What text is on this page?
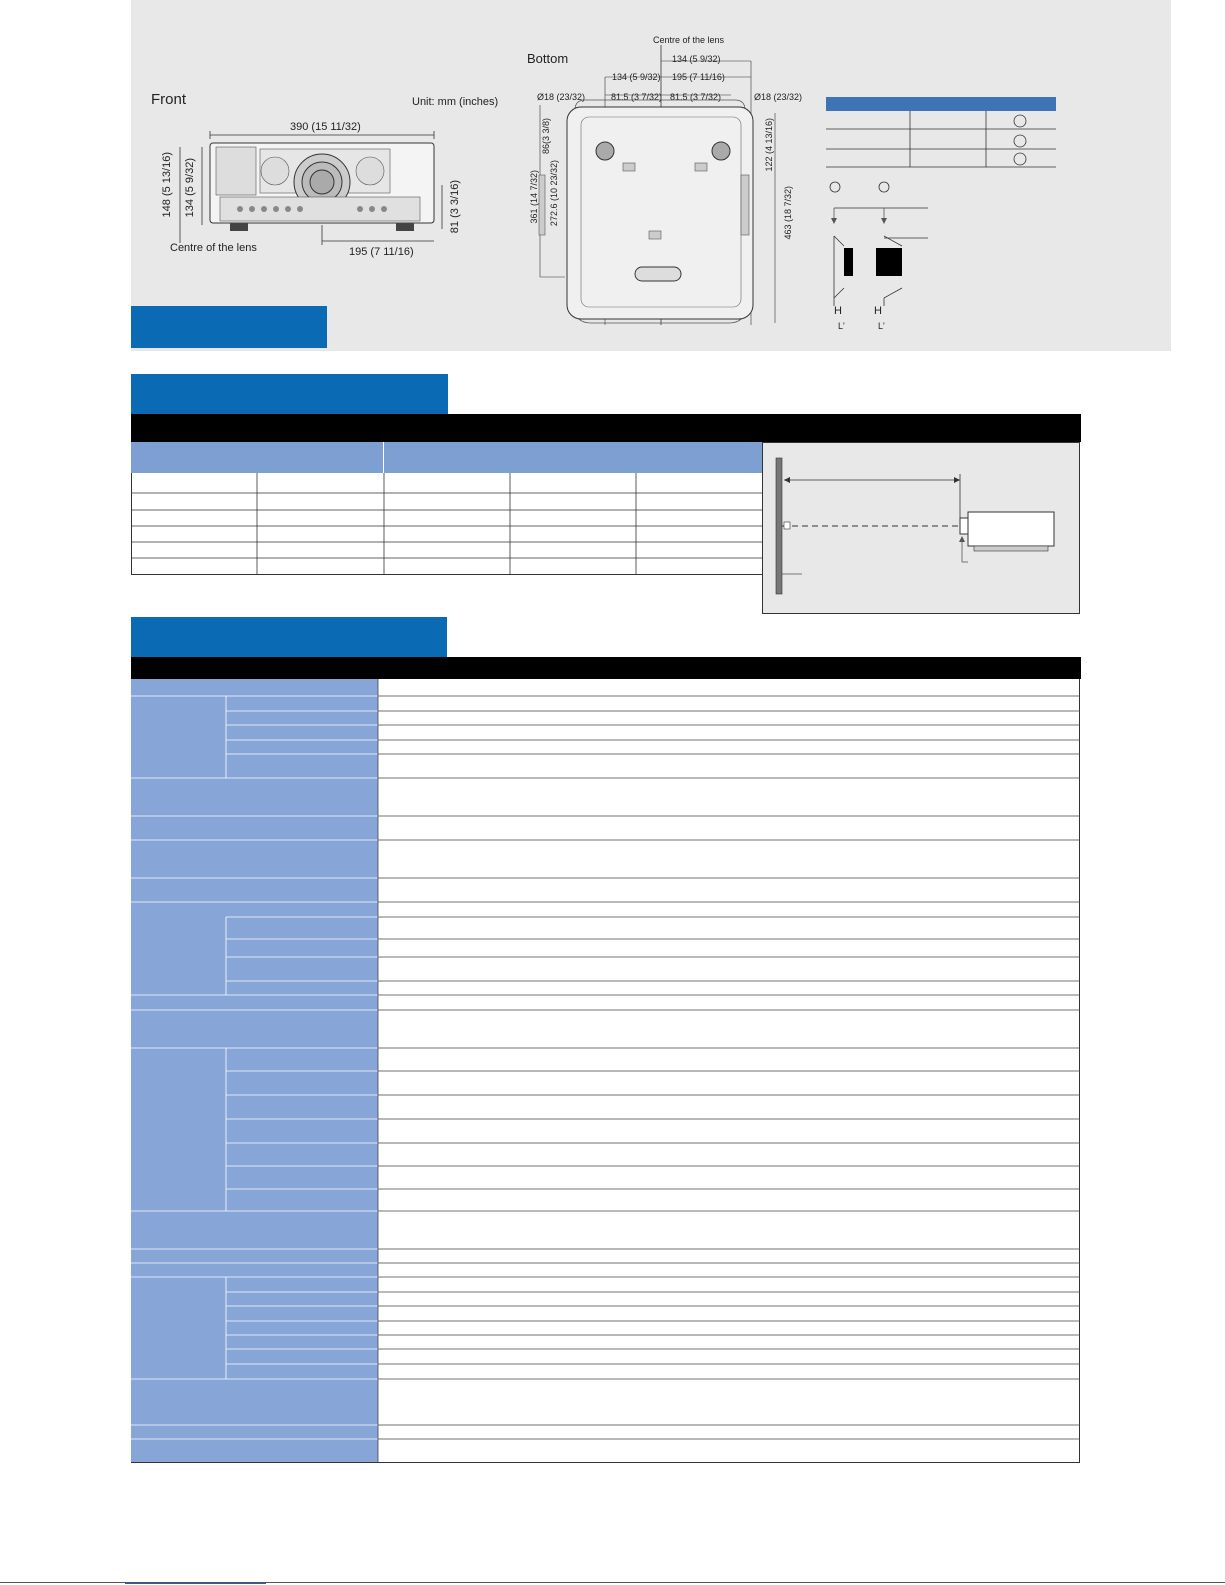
Front	Unit: mm (inches)
390 (15 11/32)
148 (5 13/16) 134 (5 9/32)	81 (3 3/16)
195 (7 11/16)
Centre of the lens
Centre of the lens
Bottom	134 (5 9/32)
134 (5 9/32) 195 (7 11/16)
Ø18 (23/32)	81.5 (3 7/32) 81.5 (3 7/32)	Ø18 (23/32)
86(3 3/8)
361 (14 7/32) 272.6 (10 23/32)
122 (4 13/16)
463 (18 7/32)
H	H
L'	L'
